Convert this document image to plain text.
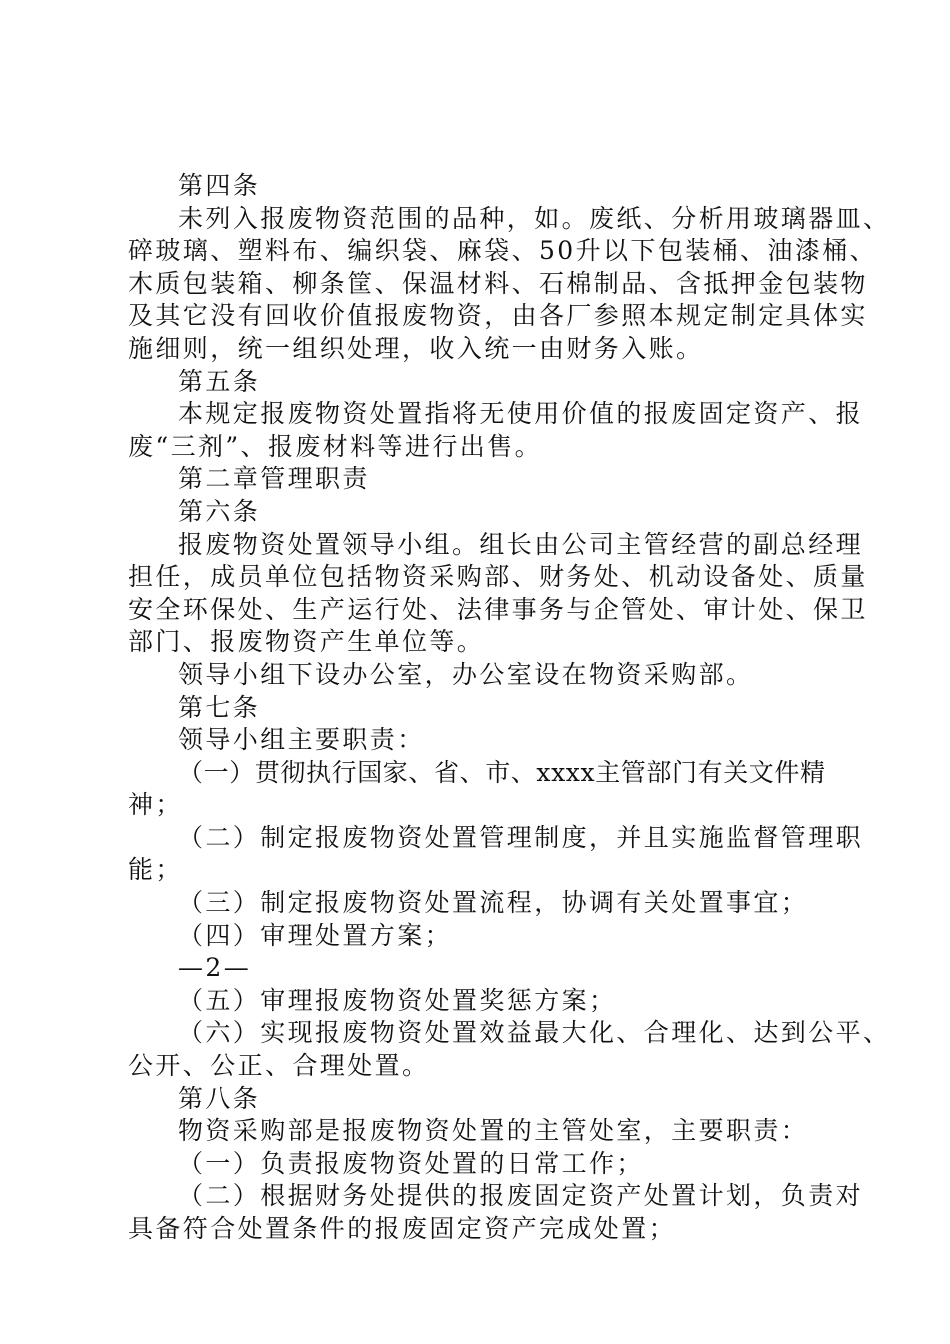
第四条
未列入报废物资范围的品种，如。废纸、分析用玻璃器皿、
碎玻璃、塑料布、编织袋、麻袋、50升以下包装桶、油漆桶、
木质包装箱、柳条筐、保温材料、石棉制品、含抵押金包装物
及其它没有回收价值报废物资，由各厂参照本规定制定具体实
施细则，统一组织处理，收入统一由财务入账。
第五条
本规定报废物资处置指将无使用价值的报废固定资产、报
废“三剂”、报废材料等进行出售。
第二章管理职责
第六条
报废物资处置领导小组。组长由公司主管经营的副总经理
担任，成员单位包括物资采购部、财务处、机动设备处、质量
安全环保处、生产运行处、法律事务与企管处、审计处、保卫
部门、报废物资产生单位等。
领导小组下设办公室，办公室设在物资采购部。
第七条
领导小组主要职责：
（一）贯彻执行国家、省、市、xxxx主管部门有关文件精
神；
（二）制定报废物资处置管理制度，并且实施监督管理职
能；
（三）制定报废物资处置流程，协调有关处置事宜；
（四）审理处置方案；
—2—
（五）审理报废物资处置奖惩方案；
（六）实现报废物资处置效益最大化、合理化、达到公平、
公开、公正、合理处置。
第八条
物资采购部是报废物资处置的主管处室，主要职责：
（一）负责报废物资处置的日常工作；
（二）根据财务处提供的报废固定资产处置计划，负责对
具备符合处置条件的报废固定资产完成处置；
